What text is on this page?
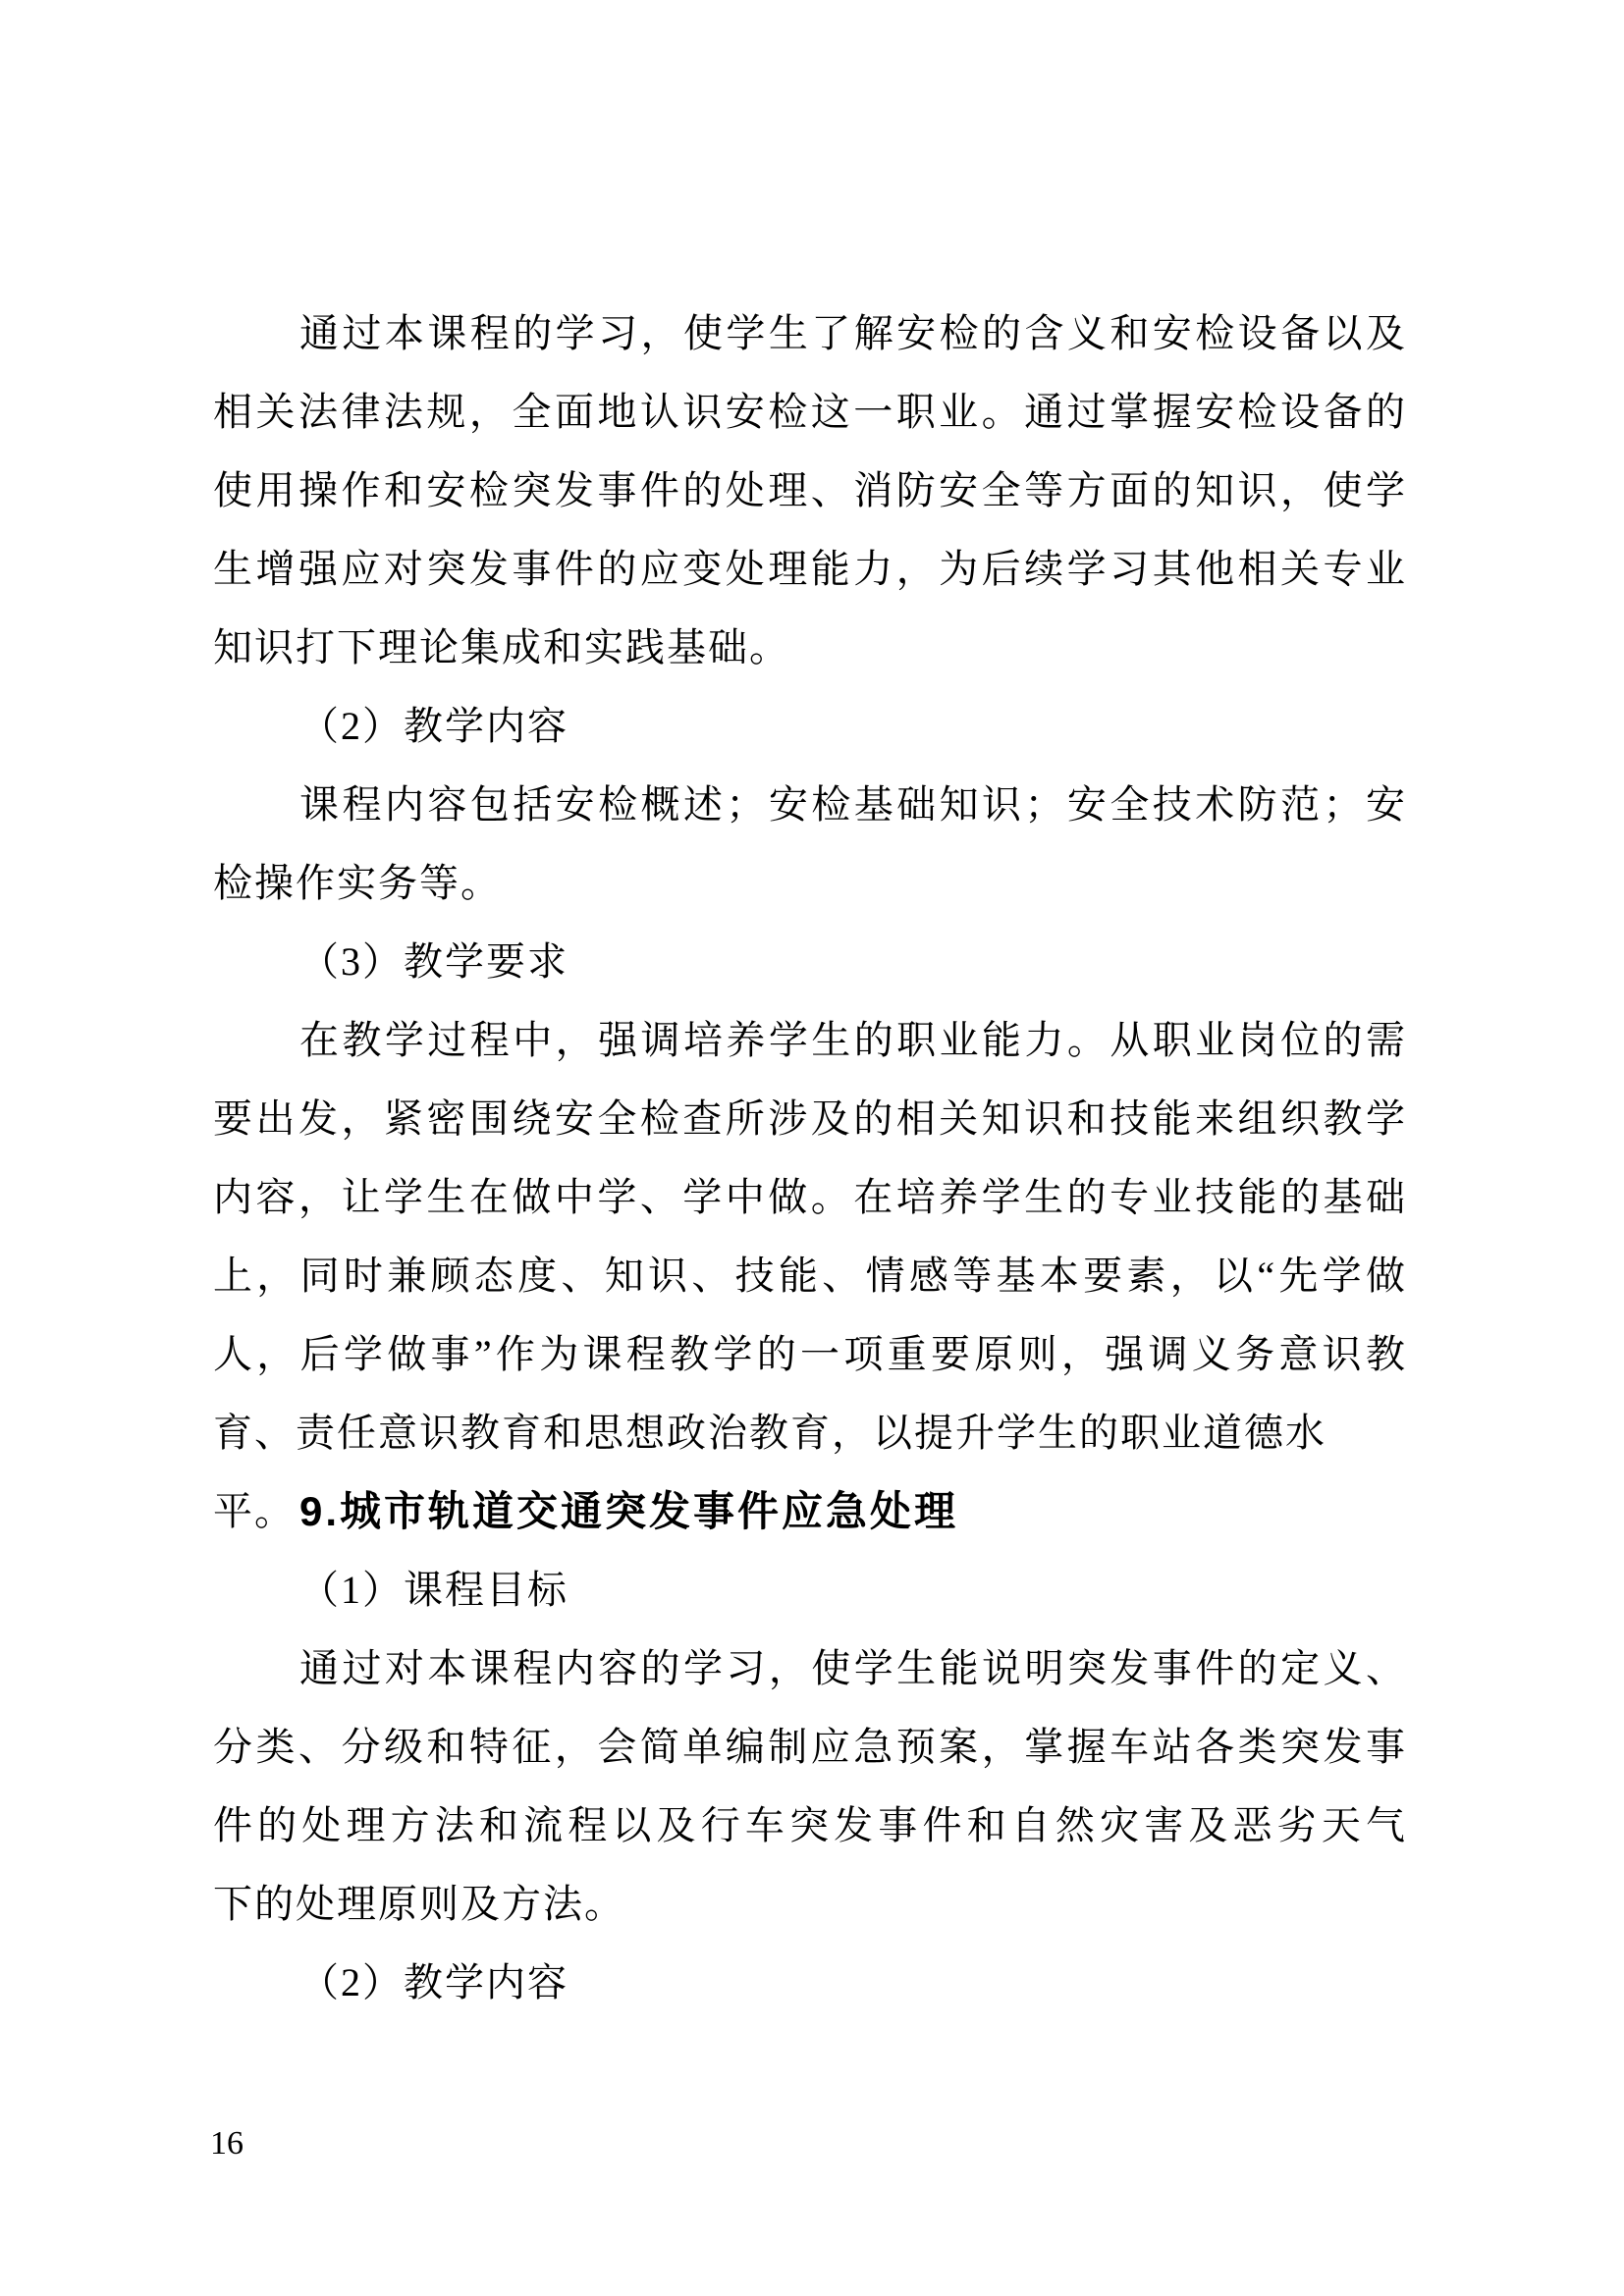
通过本课程的学习，使学生了解安检的含义和安检设备以及
相关法律法规，全面地认识安检这一职业。通过掌握安检设备的
使用操作和安检突发事件的处理、消防安全等方面的知识，使学
生增强应对突发事件的应变处理能力，为后续学习其他相关专业
知识打下理论集成和实践基础。
（2）教学内容
课程内容包括安检概述；安检基础知识；安全技术防范；安
检操作实务等。
（3）教学要求
在教学过程中，强调培养学生的职业能力。从职业岗位的需
要出发，紧密围绕安全检查所涉及的相关知识和技能来组织教学
内容，让学生在做中学、学中做。在培养学生的专业技能的基础
上，同时兼顾态度、知识、技能、情感等基本要素，以“先学做
人，后学做事”作为课程教学的一项重要原则，强调义务意识教
育、责任意识教育和思想政治教育，以提升学生的职业道德水平。 9.城市轨道交通突发事件应急处理
（1）课程目标
通过对本课程内容的学习，使学生能说明突发事件的定义、
分类、分级和特征，会简单编制应急预案，掌握车站各类突发事
件的处理方法和流程以及行车突发事件和自然灾害及恶劣天气
下的处理原则及方法。
（2）教学内容
16
